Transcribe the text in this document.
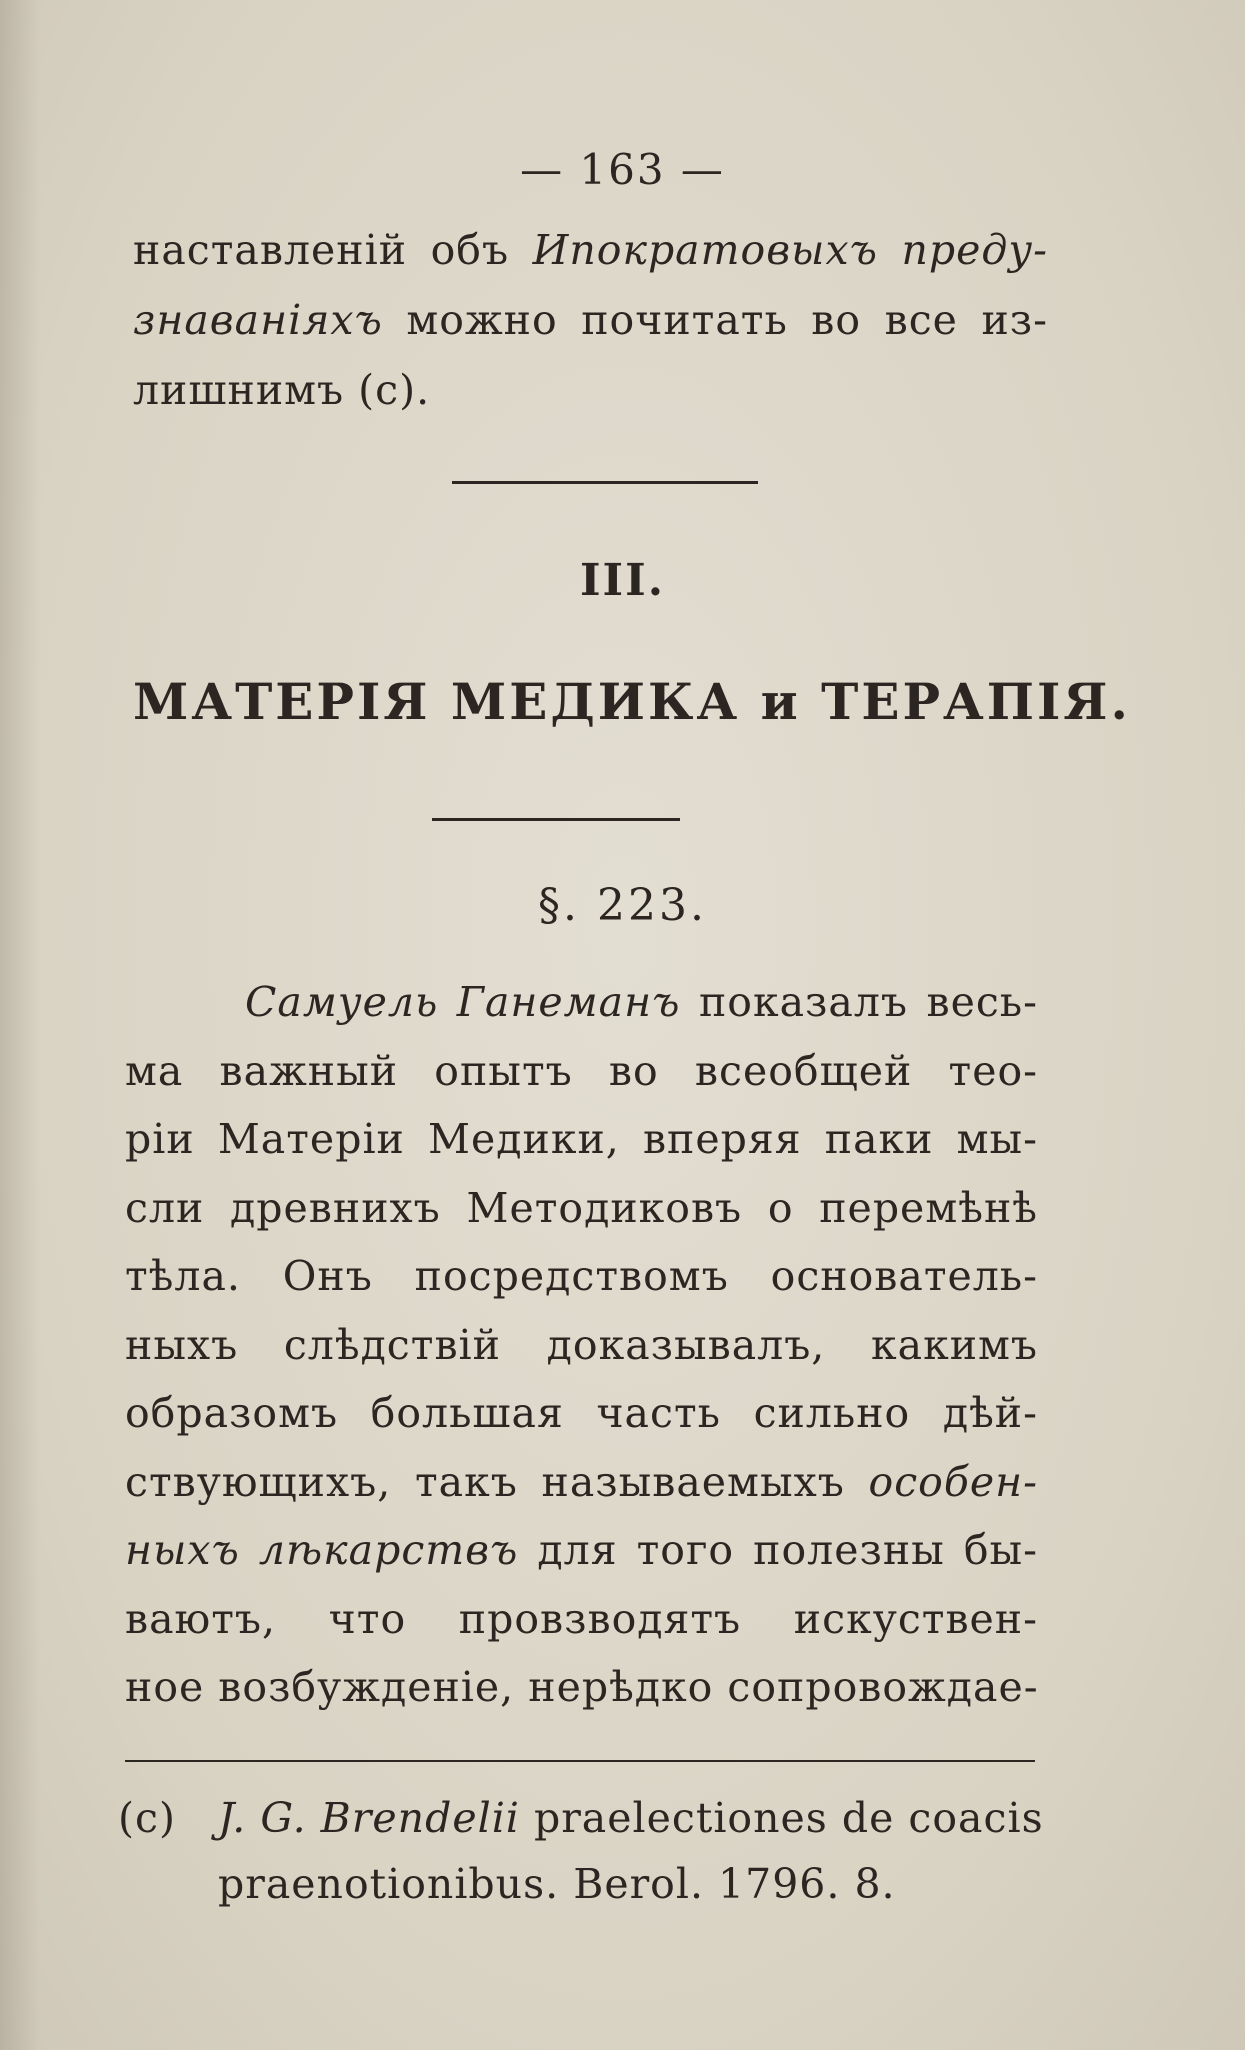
— 163 —
наставленій объ Ипократовыхъ преду-
знаваніяхъ можно почитать во все из-
лишнимъ (c).
III.
МАТЕРІЯ МЕДИКА и ТЕРАПІЯ.
§. 223.
Самуель Ганеманъ показалъ весь-
ма важный опытъ во всеобщей тео-
ріи Матеріи Медики, вперяя паки мы-
сли древнихъ Методиковъ о перемѣнѣ
тѣла. Онъ посредствомъ основатель-
ныхъ слѣдствій доказывалъ, какимъ
образомъ большая часть сильно дѣй-
ствующихъ, такъ называемыхъ особен-
ныхъ лѣкарствъ для того полезны бы-
ваютъ, что провзводятъ искуствен-
ное возбужденіе, нерѣдко сопровождае-
(c) J. G. Brendelii praelectiones de coacis
praenotionibus. Berol. 1796. 8.
